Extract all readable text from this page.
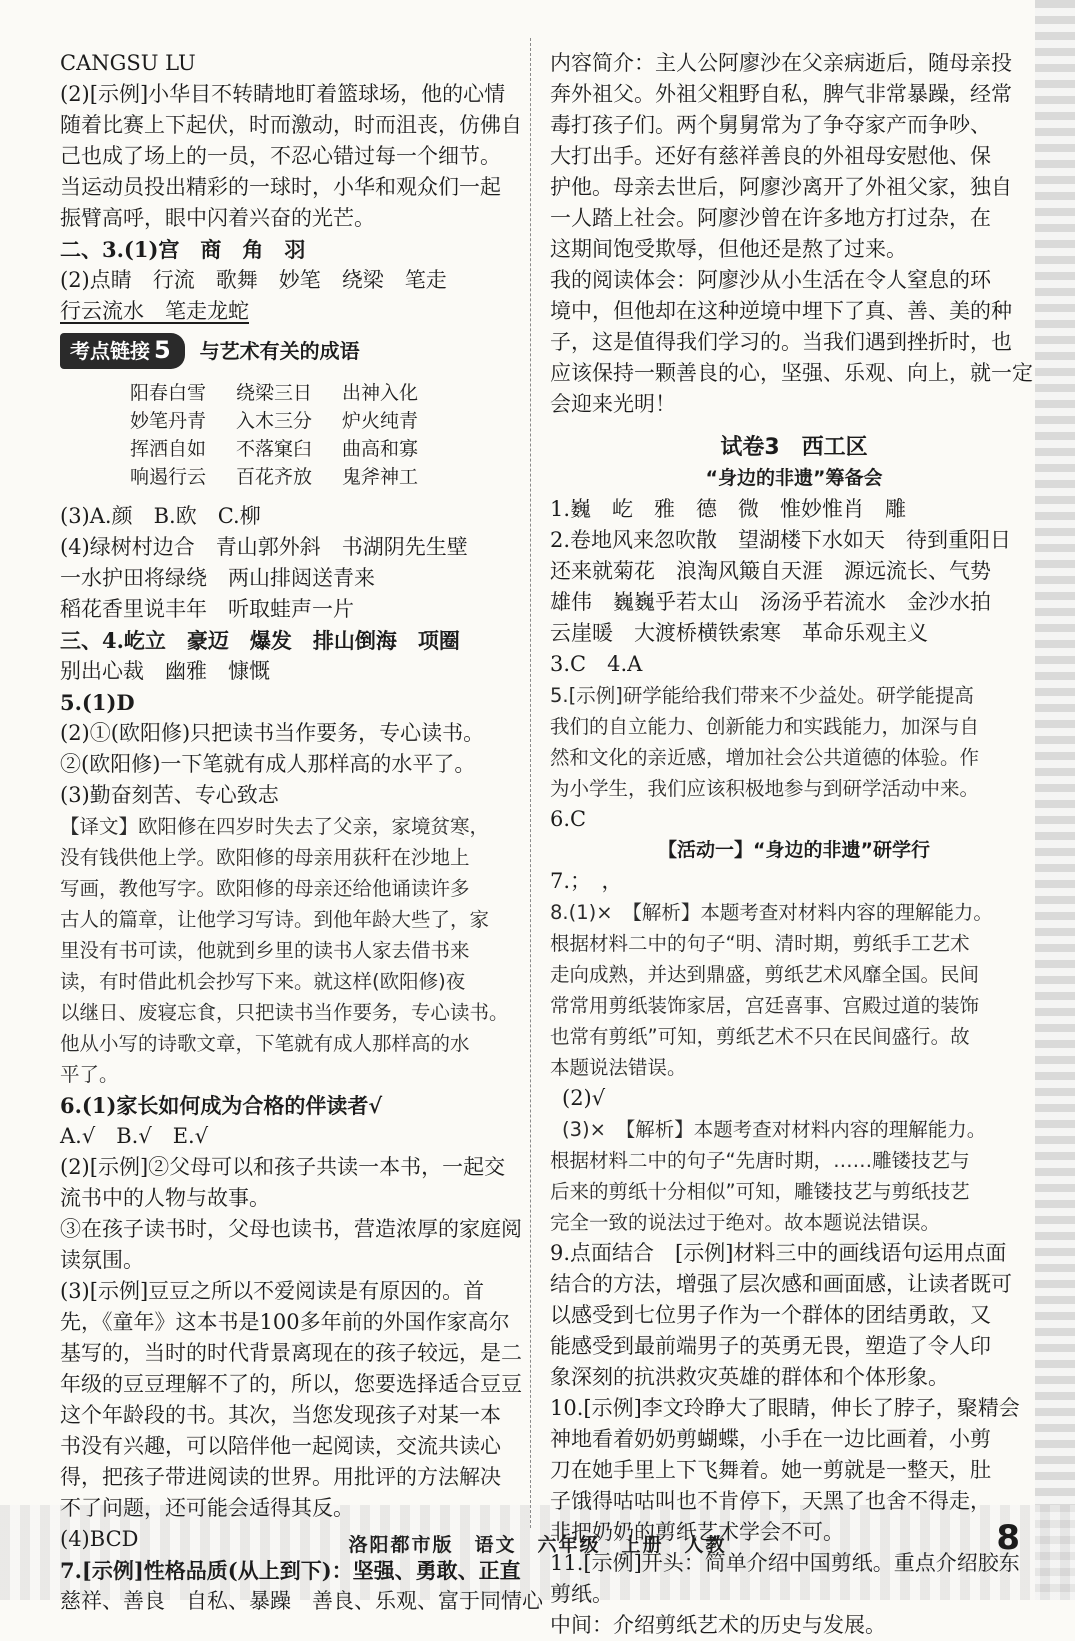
CANGSU LU
(2)[示例]小华目不转睛地盯着篮球场，他的心情
随着比赛上下起伏，时而激动，时而沮丧，仿佛自
己也成了场上的一员，不忍心错过每一个细节。
当运动员投出精彩的一球时，小华和观众们一起
振臂高呼，眼中闪着兴奋的光芒。
二、3.(1)宫　商　角　羽
(2)点睛　行流　歌舞　妙笔　绕梁　笔走
行云流水　笔走龙蛇
考点链接 5 与艺术有关的成语
阳春白雪 绕梁三日 出神入化
妙笔丹青 入木三分 炉火纯青
挥洒自如 不落窠臼 曲高和寡
响遏行云 百花齐放 鬼斧神工
(3)A.颜　B.欧　C.柳
(4)绿树村边合　青山郭外斜　书湖阴先生壁
一水护田将绿绕　两山排闼送青来
稻花香里说丰年　听取蛙声一片
三、4.屹立　豪迈　爆发　排山倒海　项圈
别出心裁　幽雅　慷慨
5.(1)D
(2)①(欧阳修)只把读书当作要务，专心读书。
②(欧阳修)一下笔就有成人那样高的水平了。
(3)勤奋刻苦、专心致志
【译文】欧阳修在四岁时失去了父亲，家境贫寒，
没有钱供他上学。欧阳修的母亲用荻秆在沙地上
写画，教他写字。欧阳修的母亲还给他诵读许多
古人的篇章，让他学习写诗。到他年龄大些了，家
里没有书可读，他就到乡里的读书人家去借书来
读，有时借此机会抄写下来。就这样(欧阳修)夜
以继日、废寝忘食，只把读书当作要务，专心读书。
他从小写的诗歌文章，下笔就有成人那样高的水
平了。
6.(1)家长如何成为合格的伴读者√
A.√　B.√　E.√
(2)[示例]②父母可以和孩子共读一本书，一起交
流书中的人物与故事。
③在孩子读书时，父母也读书，营造浓厚的家庭阅
读氛围。
(3)[示例]豆豆之所以不爱阅读是有原因的。首
先，《童年》这本书是100多年前的外国作家高尔
基写的，当时的时代背景离现在的孩子较远，是二
年级的豆豆理解不了的，所以，您要选择适合豆豆
这个年龄段的书。其次，当您发现孩子对某一本
书没有兴趣，可以陪伴他一起阅读，交流共读心
得，把孩子带进阅读的世界。用批评的方法解决
不了问题，还可能会适得其反。
(4)BCD
7.[示例]性格品质(从上到下)：坚强、勇敢、正直
慈祥、善良　自私、暴躁　善良、乐观、富于同情心
内容简介：主人公阿廖沙在父亲病逝后，随母亲投
奔外祖父。外祖父粗野自私，脾气非常暴躁，经常
毒打孩子们。两个舅舅常为了争夺家产而争吵、
大打出手。还好有慈祥善良的外祖母安慰他、保
护他。母亲去世后，阿廖沙离开了外祖父家，独自
一人踏上社会。阿廖沙曾在许多地方打过杂，在
这期间饱受欺辱，但他还是熬了过来。
我的阅读体会：阿廖沙从小生活在令人窒息的环
境中，但他却在这种逆境中埋下了真、善、美的种
子，这是值得我们学习的。当我们遇到挫折时，也
应该保持一颗善良的心，坚强、乐观、向上，就一定
会迎来光明！
试卷3　西工区
“身边的非遗”筹备会
1.巍　屹　雅　德　微　惟妙惟肖　雕
2.卷地风来忽吹散　望湖楼下水如天　待到重阳日
还来就菊花　浪淘风簸自天涯　源远流长、气势
雄伟　巍巍乎若太山　汤汤乎若流水　金沙水拍
云崖暖　大渡桥横铁索寒　革命乐观主义
3.C　4.A
5.[示例]研学能给我们带来不少益处。研学能提高
我们的自立能力、创新能力和实践能力，加深与自
然和文化的亲近感，增加社会公共道德的体验。作
为小学生，我们应该积极地参与到研学活动中来。
6.C
【活动一】“身边的非遗”研学行
7.；　，
8.(1)×　【解析】本题考查对材料内容的理解能力。
根据材料二中的句子“明、清时期，剪纸手工艺术
走向成熟，并达到鼎盛，剪纸艺术风靡全国。民间
常常用剪纸装饰家居，宫廷喜事、宫殿过道的装饰
也常有剪纸”可知，剪纸艺术不只在民间盛行。故
本题说法错误。
(2)√
(3)×　【解析】本题考查对材料内容的理解能力。
根据材料二中的句子“先唐时期，……雕镂技艺与
后来的剪纸十分相似”可知，雕镂技艺与剪纸技艺
完全一致的说法过于绝对。故本题说法错误。
9.点面结合　[示例]材料三中的画线语句运用点面
结合的方法，增强了层次感和画面感，让读者既可
以感受到七位男子作为一个群体的团结勇敢，又
能感受到最前端男子的英勇无畏，塑造了令人印
象深刻的抗洪救灾英雄的群体和个体形象。
10.[示例]李文玲睁大了眼睛，伸长了脖子，聚精会
神地看着奶奶剪蝴蝶，小手在一边比画着，小剪
刀在她手里上下飞舞着。她一剪就是一整天，肚
子饿得咕咕叫也不肯停下，天黑了也舍不得走，
非把奶奶的剪纸艺术学会不可。
11.[示例]开头：简单介绍中国剪纸。重点介绍胶东
剪纸。
中间：介绍剪纸艺术的历史与发展。
洛阳都市版　语文　六年级　上册　人教	8
